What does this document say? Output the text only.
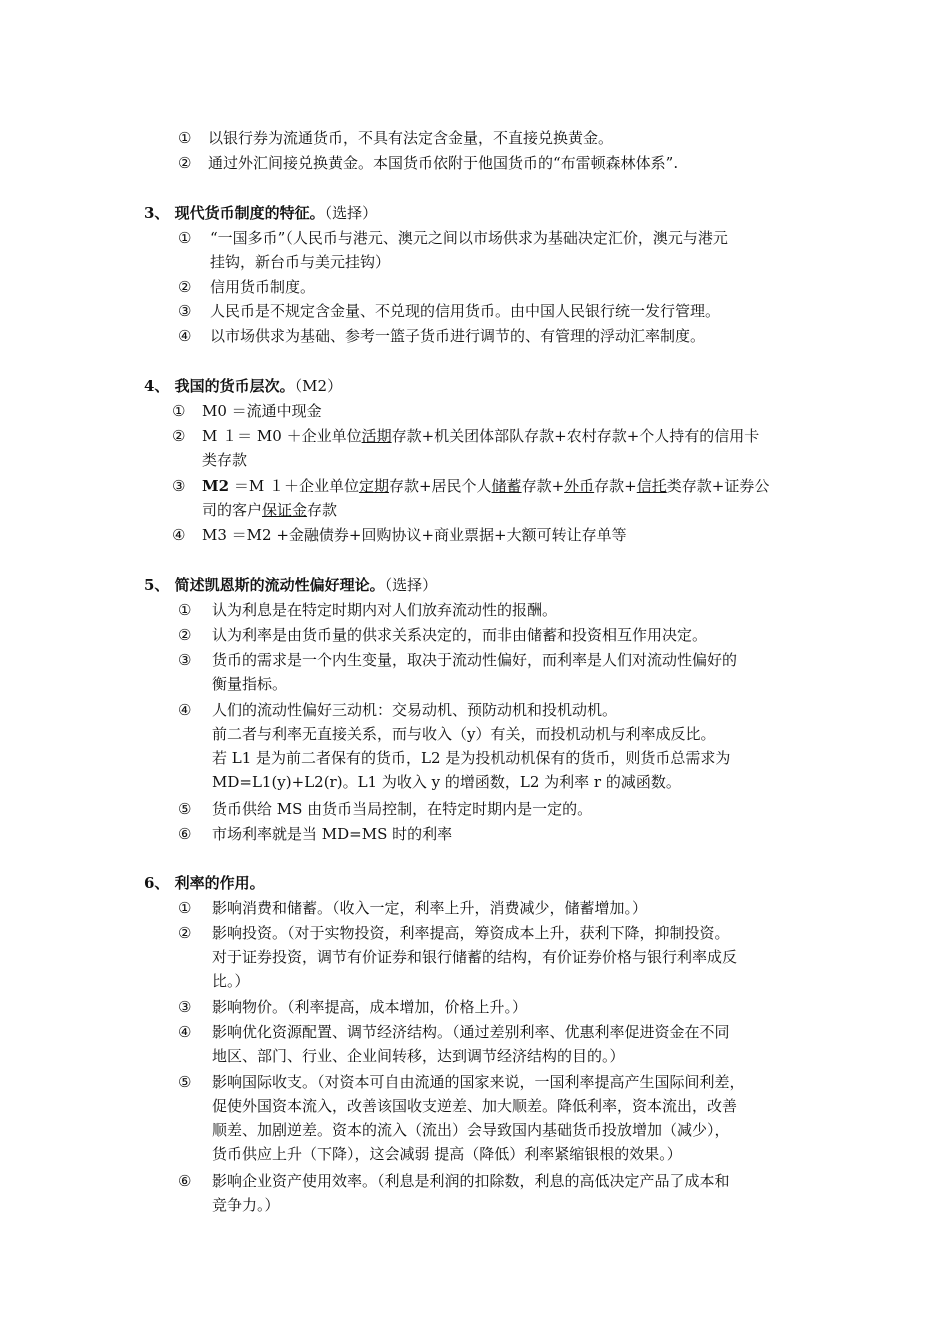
①	以银行券为流通货币，不具有法定含金量，不直接兑换黄金。
②	通过外汇间接兑换黄金。本国货币依附于他国货币的“布雷顿森林体系”.
3、 现代货币制度的特征。（选择）
①	“一国多币”（人民币与港元、澳元之间以市场供求为基础决定汇价，澳元与港元
挂钩，新台币与美元挂钩）
②	信用货币制度。
③	人民币是不规定含金量、不兑现的信用货币。由中国人民银行统一发行管理。
④	以市场供求为基础、参考一篮子货币进行调节的、有管理的浮动汇率制度。
4、 我国的货币层次。（M2）
①	M0 ＝流通中现金
②	M １＝ M0 ＋企业单位活期存款+机关团体部队存款+农村存款+个人持有的信用卡
类存款
③	M2 ＝M １＋企业单位定期存款+居民个人储蓄存款+外币存款+信托类存款+证券公
司的客户保证金存款
④	M3 ＝M2 +金融债券+回购协议+商业票据+大额可转让存单等
5、 简述凯恩斯的流动性偏好理论。（选择）
①	认为利息是在特定时期内对人们放弃流动性的报酬。
②	认为利率是由货币量的供求关系决定的，而非由储蓄和投资相互作用决定。
③	货币的需求是一个内生变量，取决于流动性偏好，而利率是人们对流动性偏好的
衡量指标。
④	人们的流动性偏好三动机：交易动机、预防动机和投机动机。
前二者与利率无直接关系，而与收入（y）有关，而投机动机与利率成反比。
若 L1 是为前二者保有的货币，L2 是为投机动机保有的货币，则货币总需求为
MD=L1(y)+L2(r)。L1 为收入 y 的增函数，L2 为利率 r 的减函数。
⑤	货币供给 MS 由货币当局控制，在特定时期内是一定的。
⑥	市场利率就是当 MD=MS 时的利率
6、 利率的作用。
①	影响消费和储蓄。（收入一定，利率上升，消费减少，储蓄增加。）
②	影响投资。（对于实物投资，利率提高，筹资成本上升，获利下降，抑制投资。
对于证券投资，调节有价证券和银行储蓄的结构，有价证券价格与银行利率成反
比。）
③	影响物价。（利率提高，成本增加，价格上升。）
④	影响优化资源配置、调节经济结构。（通过差别利率、优惠利率促进资金在不同
地区、部门、行业、企业间转移，达到调节经济结构的目的。）
⑤	影响国际收支。（对资本可自由流通的国家来说，一国利率提高产生国际间利差，
促使外国资本流入，改善该国收支逆差、加大顺差。降低利率，资本流出，改善
顺差、加剧逆差。资本的流入（流出）会导致国内基础货币投放增加（减少），
货币供应上升（下降），这会减弱 提高（降低）利率紧缩银根的效果。）
⑥	影响企业资产使用效率。（利息是利润的扣除数，利息的高低决定产品了成本和
竞争力。）
